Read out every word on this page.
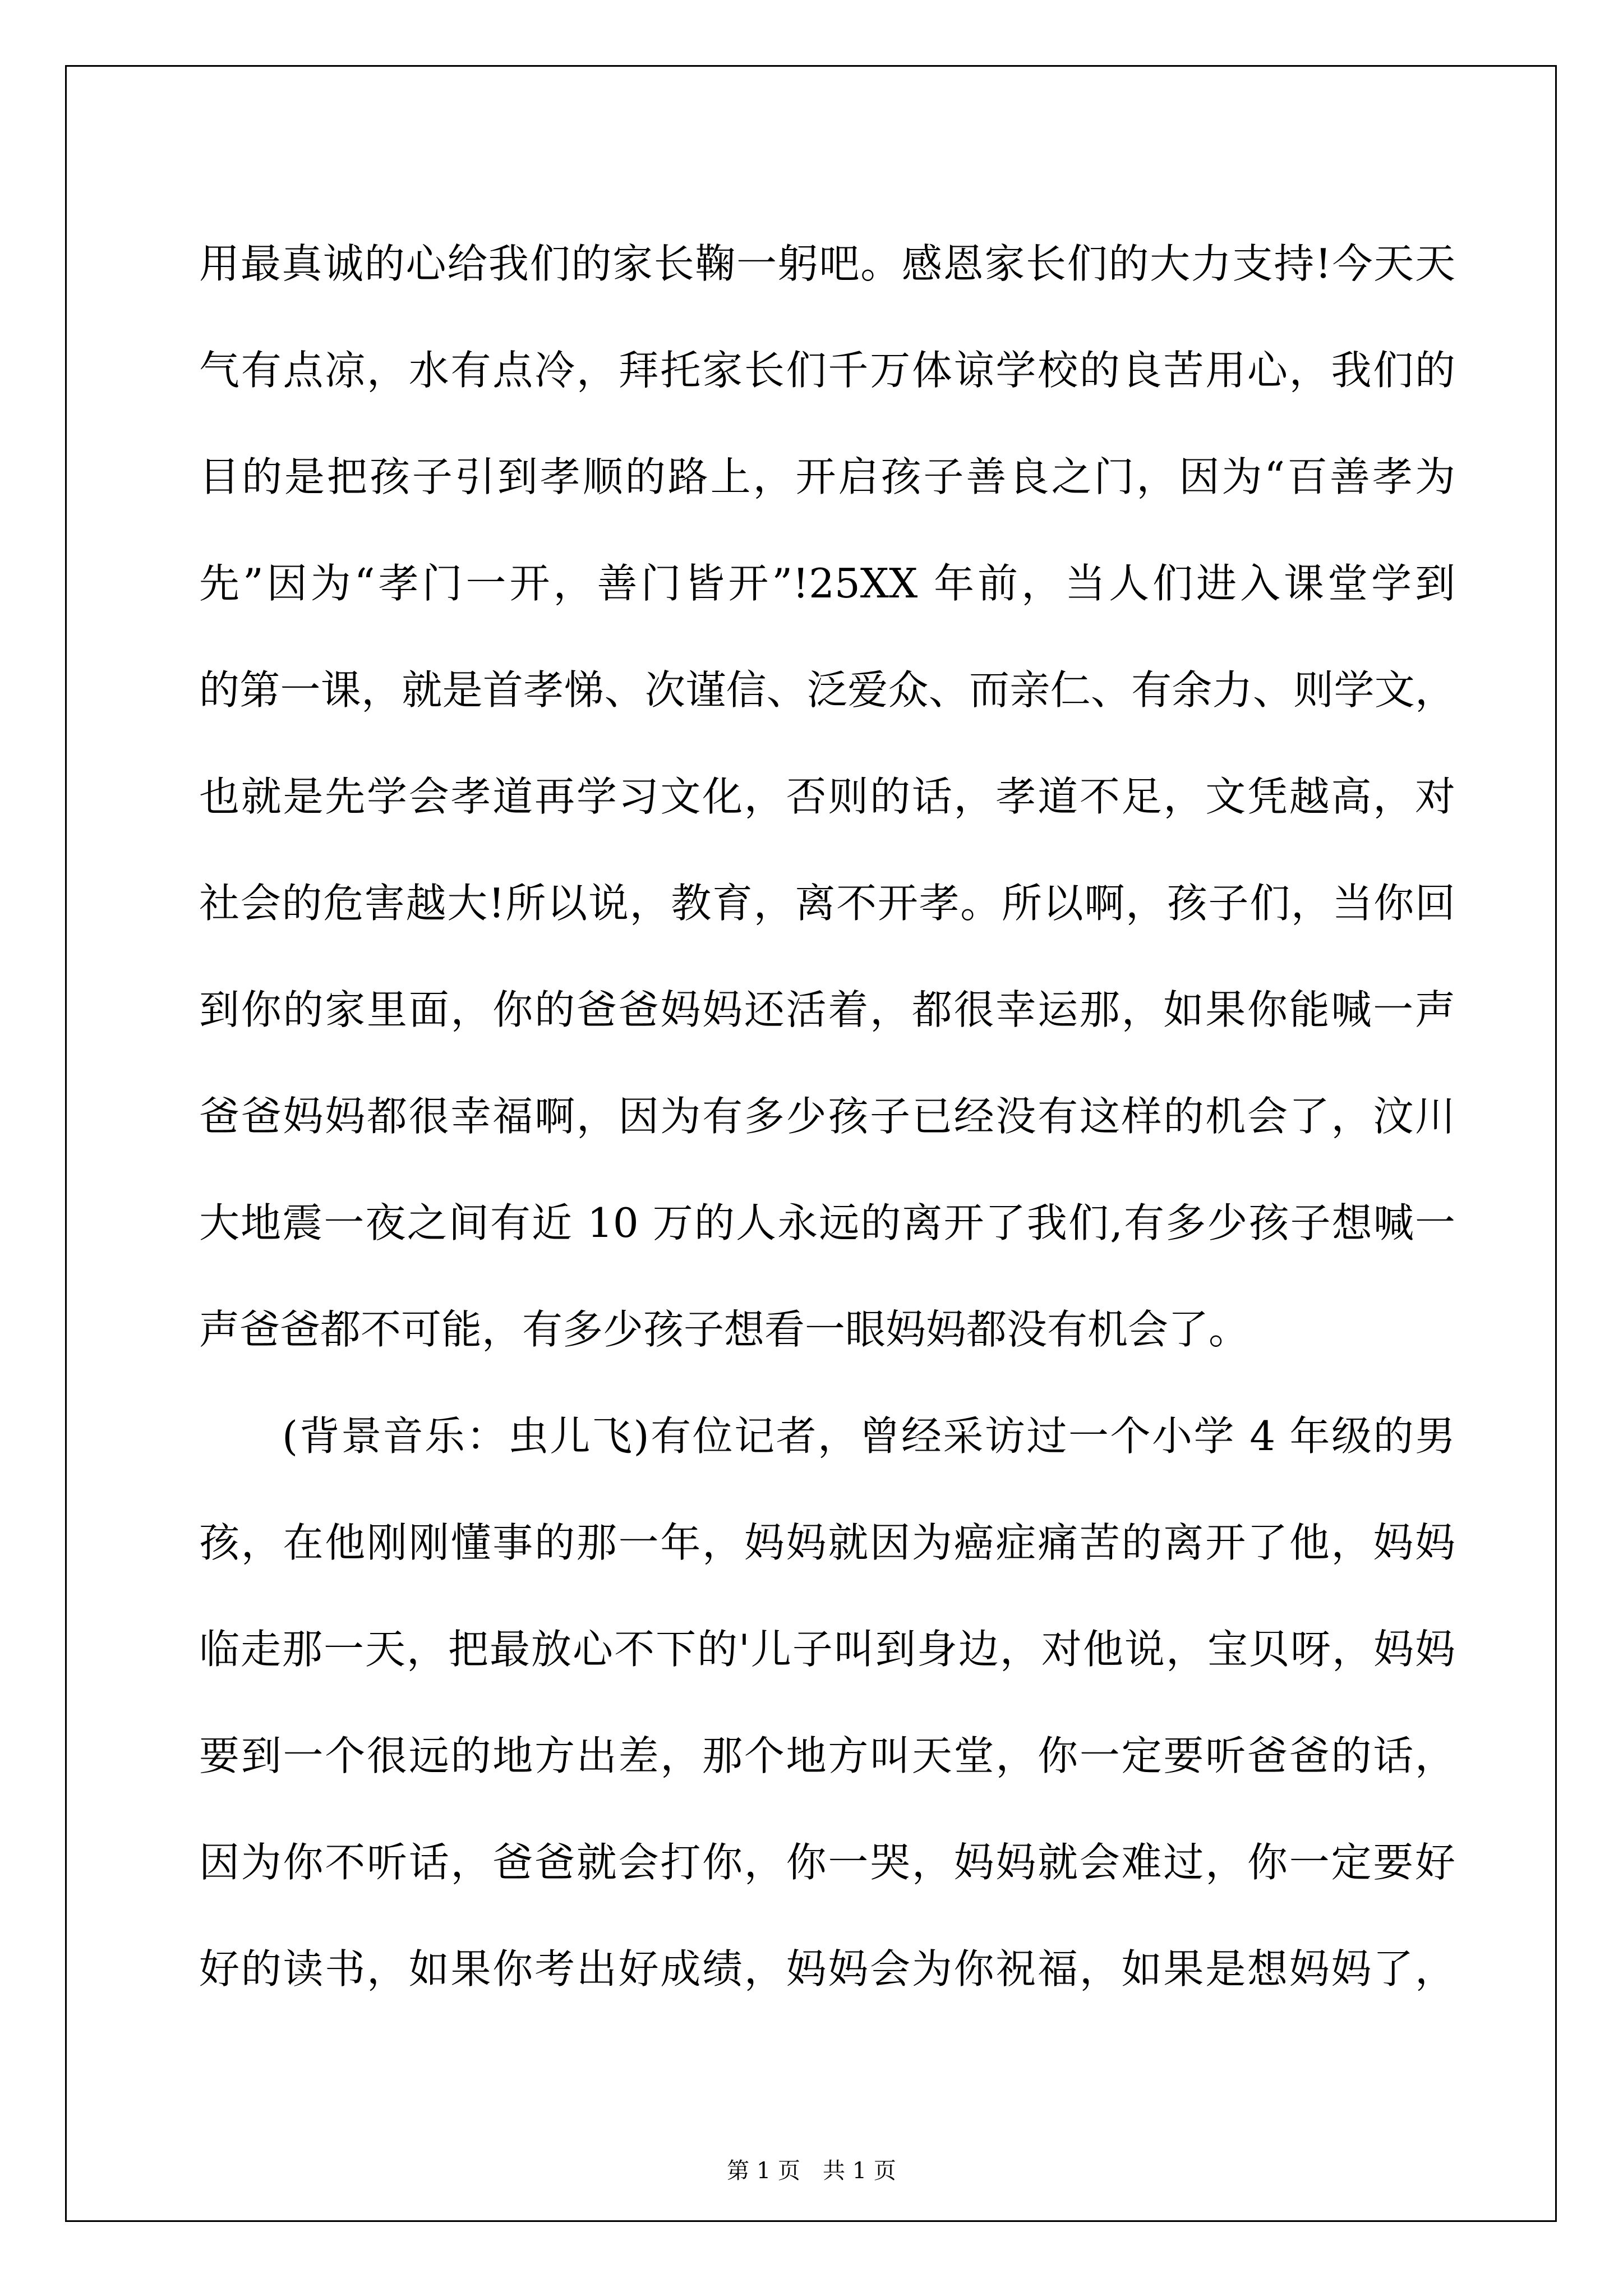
用最真诚的心给我们的家长鞠一躬吧。感恩家长们的大力支持!今天天
气有点凉，水有点冷，拜托家长们千万体谅学校的良苦用心，我们的
目的是把孩子引到孝顺的路上，开启孩子善良之门，因为“百善孝为
先”因为“孝门一开，善门皆开”!25XX 年前，当人们进入课堂学到
的第一课，就是首孝悌、次谨信、泛爱众、而亲仁、有余力、则学文，
也就是先学会孝道再学习文化，否则的话，孝道不足，文凭越高，对
社会的危害越大!所以说，教育，离不开孝。所以啊，孩子们，当你回
到你的家里面，你的爸爸妈妈还活着，都很幸运那，如果你能喊一声
爸爸妈妈都很幸福啊，因为有多少孩子已经没有这样的机会了，汶川
大地震一夜之间有近 10 万的人永远的离开了我们,有多少孩子想喊一
声爸爸都不可能，有多少孩子想看一眼妈妈都没有机会了。
(背景音乐：虫儿飞)有位记者，曾经采访过一个小学 4 年级的男
孩，在他刚刚懂事的那一年，妈妈就因为癌症痛苦的离开了他，妈妈
临走那一天，把最放心不下的'儿子叫到身边，对他说，宝贝呀，妈妈
要到一个很远的地方出差，那个地方叫天堂，你一定要听爸爸的话，
因为你不听话，爸爸就会打你，你一哭，妈妈就会难过，你一定要好
好的读书，如果你考出好成绩，妈妈会为你祝福，如果是想妈妈了，
第 1 页 共 1 页
